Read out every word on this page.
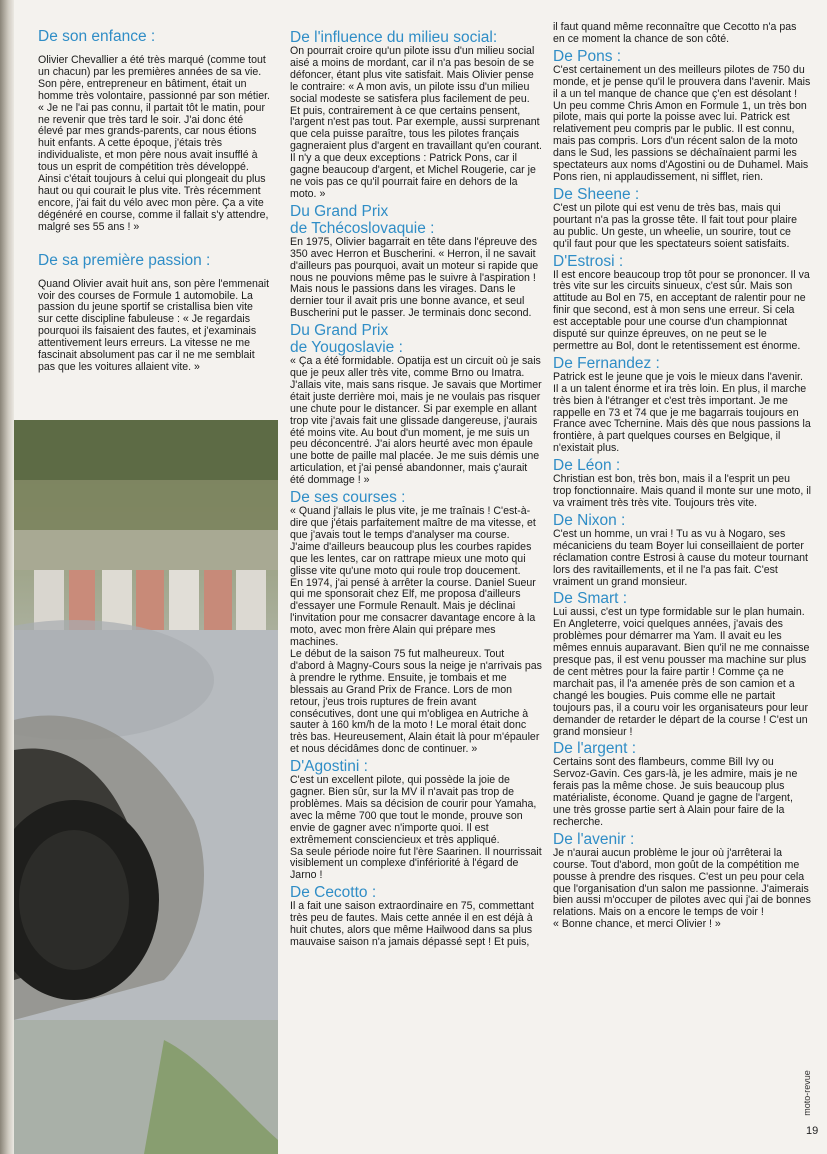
De son enfance :

Olivier Chevallier a été très marqué (comme tout un chacun) par les premières années de sa vie. Son père, entrepreneur en bâtiment, était un homme très volontaire, passionné par son métier. « Je ne l'ai pas connu, il partait tôt le matin, pour ne revenir que très tard le soir. J'ai donc été élevé par mes grands-parents, car nous étions huit enfants. A cette époque, j'étais très individualiste, et mon père nous avait insufflé à tous un esprit de compétition très développé. Ainsi c'était toujours à celui qui plongeait du plus haut ou qui courait le plus vite. Très récemment encore, j'ai fait du vélo avec mon père. Ça a vite dégénéré en course, comme il fallait s'y attendre, malgré ses 55 ans ! »

De sa première passion :

Quand Olivier avait huit ans, son père l'emmenait voir des courses de Formule 1 automobile. La passion du jeune sportif se cristallisa bien vite sur cette discipline fabuleuse : « Je regardais pourquoi ils faisaient des fautes, et j'examinais attentivement leurs erreurs. La vitesse ne me fascinait absolument pas car il ne me semblait pas que les voitures allaient vite. »

De l'influence du milieu social:

On pourrait croire qu'un pilote issu d'un milieu social aisé a moins de mordant, car il n'a pas besoin de se défoncer, étant plus vite satisfait. Mais Olivier pense le contraire: « A mon avis, un pilote issu d'un milieu social modeste se satisfera plus facilement de peu. Et puis, contrairement à ce que certains pensent, l'argent n'est pas tout. Par exemple, aussi surprenant que cela puisse paraître, tous les pilotes français gagneraient plus d'argent en travaillant qu'en courant. Il n'y a que deux exceptions : Patrick Pons, car il gagne beaucoup d'argent, et Michel Rougerie, car je ne vois pas ce qu'il pourrait faire en dehors de la moto. »

Du Grand Prix
de Tchécoslovaquie :

En 1975, Olivier bagarrait en tête dans l'épreuve des 350 avec Herron et Buscherini. « Herron, il ne savait d'ailleurs pas pourquoi, avait un moteur si rapide que nous ne pouvions même pas le suivre à l'aspiration ! Mais nous le passions dans les virages. Dans le dernier tour il avait pris une bonne avance, et seul Buscherini put le passer. Je terminais donc second.

Du Grand Prix
de Yougoslavie :

« Ça a été formidable. Opatija est un circuit où je sais que je peux aller très vite, comme Brno ou Imatra. J'allais vite, mais sans risque. Je savais que Mortimer était juste derrière moi, mais je ne voulais pas risquer une chute pour le distancer. Si par exemple en allant trop vite j'avais fait une glissade dangereuse, j'aurais été moins vite. Au bout d'un moment, je me suis un peu déconcentré. J'ai alors heurté avec mon épaule une botte de paille mal placée. Je me suis démis une articulation, et j'ai pensé abandonner, mais ç'aurait été dommage ! »

De ses courses :

« Quand j'allais le plus vite, je me traînais ! C'est-à-dire que j'étais parfaitement maître de ma vitesse, et que j'avais tout le temps d'analyser ma course. J'aime d'ailleurs beaucoup plus les courbes rapides que les lentes, car on rattrape mieux une moto qui glisse vite qu'une moto qui roule trop doucement.
En 1974, j'ai pensé à arrêter la course. Daniel Sueur qui me sponsorait chez Elf, me proposa d'ailleurs d'essayer une Formule Renault. Mais je déclinai l'invitation pour me consacrer davantage encore à la moto, avec mon frère Alain qui prépare mes machines.
Le début de la saison 75 fut malheureux. Tout d'abord à Magny-Cours sous la neige je n'arrivais pas à prendre le rythme. Ensuite, je tombais et me blessais au Grand Prix de France. Lors de mon retour, j'eus trois ruptures de frein avant consécutives, dont une qui m'obligea en Autriche à sauter à 160 km/h de la moto ! Le moral était donc très bas. Heureusement, Alain était là pour m'épauler et nous décidâmes donc de continuer. »

D'Agostini :

C'est un excellent pilote, qui possède la joie de gagner. Bien sûr, sur la MV il n'avait pas trop de problèmes. Mais sa décision de courir pour Yamaha, avec la même 700 que tout le monde, prouve son envie de gagner avec n'importe quoi. Il est extrêmement consciencieux et très appliqué.
Sa seule période noire fut l'ère Saarinen. Il nourrissait visiblement un complexe d'infériorité à l'égard de Jarno !

De Cecotto :

Il a fait une saison extraordinaire en 75, commettant très peu de fautes. Mais cette année il en est déjà à huit chutes, alors que même Hailwood dans sa plus mauvaise saison n'a jamais dépassé sept ! Et puis,

il faut quand même reconnaître que Cecotto n'a pas en ce moment la chance de son côté.

De Pons :

C'est certainement un des meilleurs pilotes de 750 du monde, et je pense qu'il le prouvera dans l'avenir. Mais il a un tel manque de chance que ç'en est désolant ! Un peu comme Chris Amon en Formule 1, un très bon pilote, mais qui porte la poisse avec lui. Patrick est relativement peu compris par le public. Il est connu, mais pas compris. Lors d'un récent salon de la moto dans le Sud, les passions se déchaînaient parmi les spectateurs aux noms d'Agostini ou de Duhamel. Mais Pons rien, ni applaudissement, ni sifflet, rien.

De Sheene :

C'est un pilote qui est venu de très bas, mais qui pourtant n'a pas la grosse tête. Il fait tout pour plaire au public. Un geste, un wheelie, un sourire, tout ce qu'il faut pour que les spectateurs soient satisfaits.

D'Estrosi :

Il est encore beaucoup trop tôt pour se prononcer. Il va très vite sur les circuits sinueux, c'est sûr. Mais son attitude au Bol en 75, en acceptant de ralentir pour ne finir que second, est à mon sens une erreur. Si cela est acceptable pour une course d'un championnat disputé sur quinze épreuves, on ne peut se le permettre au Bol, dont le retentissement est énorme.

De Fernandez :

Patrick est le jeune que je vois le mieux dans l'avenir. Il a un talent énorme et ira très loin. En plus, il marche très bien à l'étranger et c'est très important. Je me rappelle en 73 et 74 que je me bagarrais toujours en France avec Tchernine. Mais dès que nous passions la frontière, à part quelques courses en Belgique, il n'existait plus.

De Léon :

Christian est bon, très bon, mais il a l'esprit un peu trop fonctionnaire. Mais quand il monte sur une moto, il va vraiment très très vite. Toujours très vite.

De Nixon :

C'est un homme, un vrai ! Tu as vu à Nogaro, ses mécaniciens du team Boyer lui conseillaient de porter réclamation contre Estrosi à cause du moteur tournant lors des ravitaillements, et il ne l'a pas fait. C'est vraiment un grand monsieur.

De Smart :

Lui aussi, c'est un type formidable sur le plan humain. En Angleterre, voici quelques années, j'avais des problèmes pour démarrer ma Yam. Il avait eu les mêmes ennuis auparavant. Bien qu'il ne me connaisse presque pas, il est venu pousser ma machine sur plus de cent mètres pour la faire partir ! Comme ça ne marchait pas, il l'a amenée près de son camion et a changé les bougies. Puis comme elle ne partait toujours pas, il a couru voir les organisateurs pour leur demander de retarder le départ de la course ! C'est un grand monsieur !

De l'argent :

Certains sont des flambeurs, comme Bill Ivy ou Servoz-Gavin. Ces gars-là, je les admire, mais je ne ferais pas la même chose. Je suis beaucoup plus matérialiste, économe. Quand je gagne de l'argent, une très grosse partie sert à Alain pour faire de la recherche.

De l'avenir :

Je n'aurai aucun problème le jour où j'arrêterai la course. Tout d'abord, mon goût de la compétition me pousse à prendre des risques. C'est un peu pour cela que l'organisation d'un salon me passionne. J'aimerais bien aussi m'occuper de pilotes avec qui j'ai de bonnes relations. Mais on a encore le temps de voir !
« Bonne chance, et merci Olivier ! »

moto-revue
19
